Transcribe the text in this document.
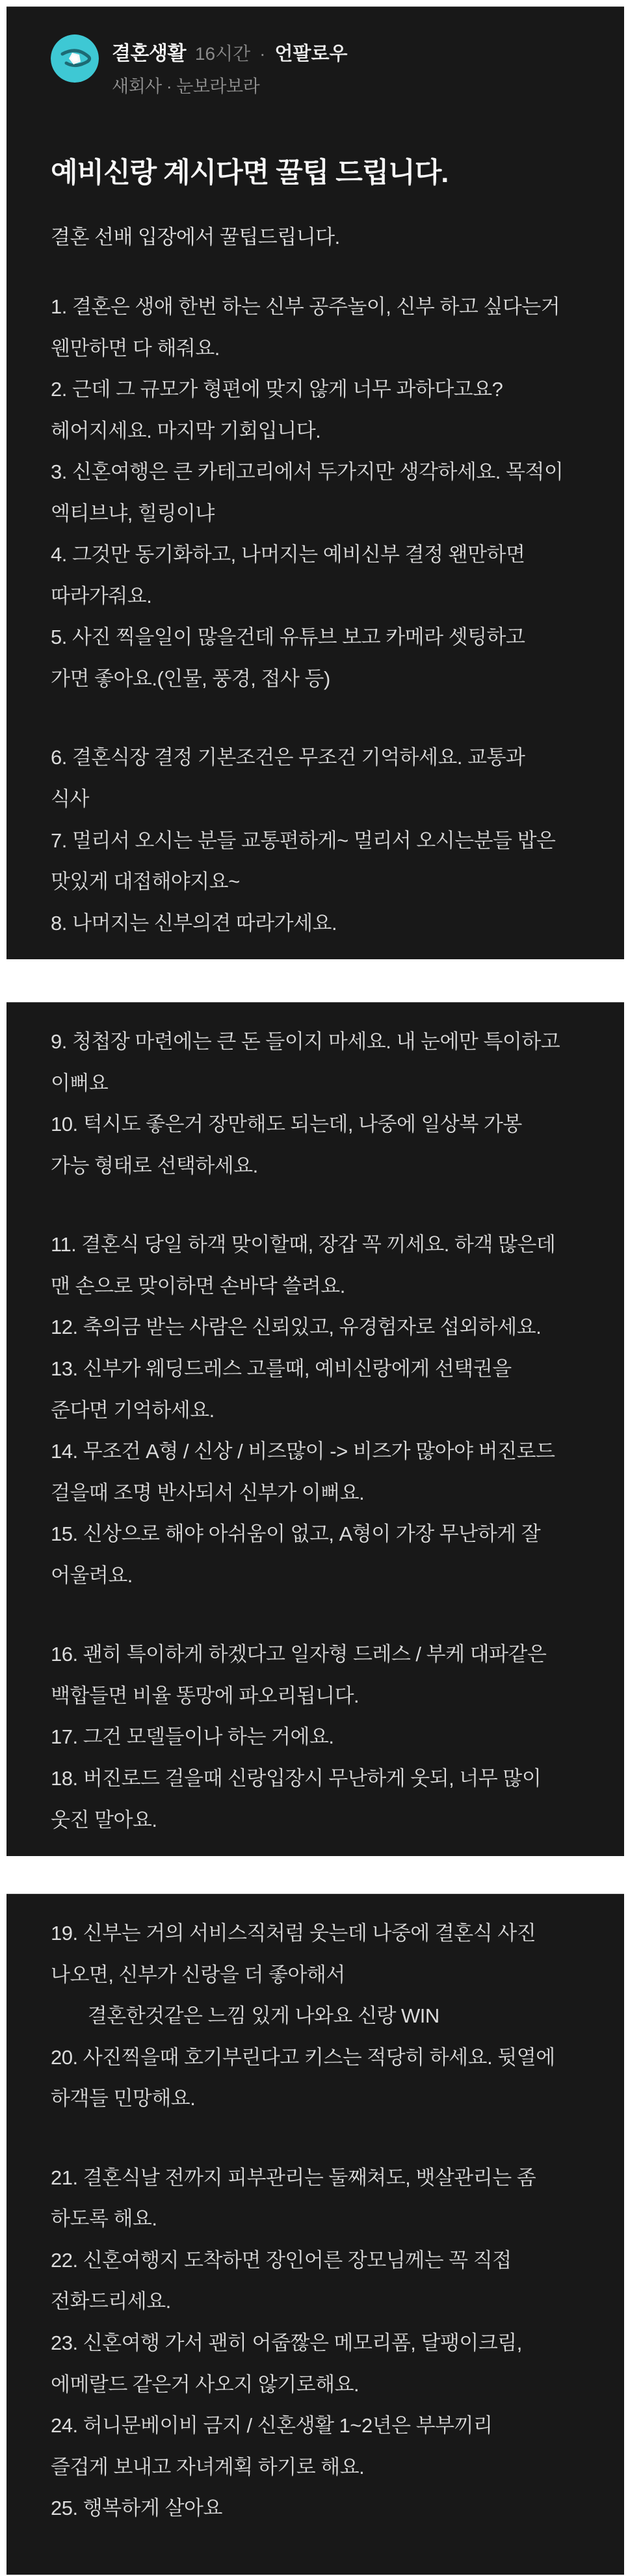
결혼생활 16시간 · 언팔로우
새회사 · 눈보라보라
예비신랑 계시다면 꿀팁 드립니다.
결혼 선배 입장에서 꿀팁드립니다.

1. 결혼은 생애 한번 하는 신부 공주놀이, 신부 하고 싶다는거
웬만하면 다 해줘요.

2. 근데 그 규모가 형편에 맞지 않게 너무 과하다고요?
헤어지세요. 마지막 기회입니다.

3. 신혼여행은 큰 카테고리에서 두가지만 생각하세요. 목적이
엑티브냐, 힐링이냐

4. 그것만 동기화하고, 나머지는 예비신부 결정 왠만하면
따라가줘요.

5. 사진 찍을일이 많을건데 유튜브 보고 카메라 셋팅하고
가면 좋아요.(인물, 풍경, 접사 등)

6. 결혼식장 결정 기본조건은 무조건 기억하세요. 교통과
식사

7. 멀리서 오시는 분들 교통편하게~ 멀리서 오시는분들 밥은
맛있게 대접해야지요~

8. 나머지는 신부의견 따라가세요.

9. 청첩장 마련에는 큰 돈 들이지 마세요. 내 눈에만 특이하고
이뻐요

10. 턱시도 좋은거 장만해도 되는데, 나중에 일상복 가봉
가능 형태로 선택하세요.

11. 결혼식 당일 하객 맞이할때, 장갑 꼭 끼세요. 하객 많은데
맨 손으로 맞이하면 손바닥 쓸려요.

12. 축의금 받는 사람은 신뢰있고, 유경험자로 섭외하세요.

13. 신부가 웨딩드레스 고를때, 예비신랑에게 선택권을
준다면 기억하세요.

14. 무조건 A형 / 신상 / 비즈많이 -> 비즈가 많아야 버진로드
걸을때 조명 반사되서 신부가 이뻐요.

15. 신상으로 해야 아쉬움이 없고, A형이 가장 무난하게 잘
어울려요.

16. 괜히 특이하게 하겠다고 일자형 드레스 / 부케 대파같은
백합들면 비율 똥망에 파오리됩니다.

17. 그건 모델들이나 하는 거에요.

18. 버진로드 걸을때 신랑입장시 무난하게 웃되, 너무 많이
웃진 말아요.

19. 신부는 거의 서비스직처럼 웃는데 나중에 결혼식 사진
나오면, 신부가 신랑을 더 좋아해서
결혼한것같은 느낌 있게 나와요 신랑 WIN

20. 사진찍을때 호기부린다고 키스는 적당히 하세요. 뒷열에
하객들 민망해요.

21. 결혼식날 전까지 피부관리는 둘째쳐도, 뱃살관리는 좀
하도록 해요.

22. 신혼여행지 도착하면 장인어른 장모님께는 꼭 직접
전화드리세요.

23. 신혼여행 가서 괜히 어줍짢은 메모리폼, 달팽이크림,
에메랄드 같은거 사오지 않기로해요.

24. 허니문베이비 금지 / 신혼생활 1~2년은 부부끼리
즐겁게 보내고 자녀계획 하기로 해요.

25. 행복하게 살아요
